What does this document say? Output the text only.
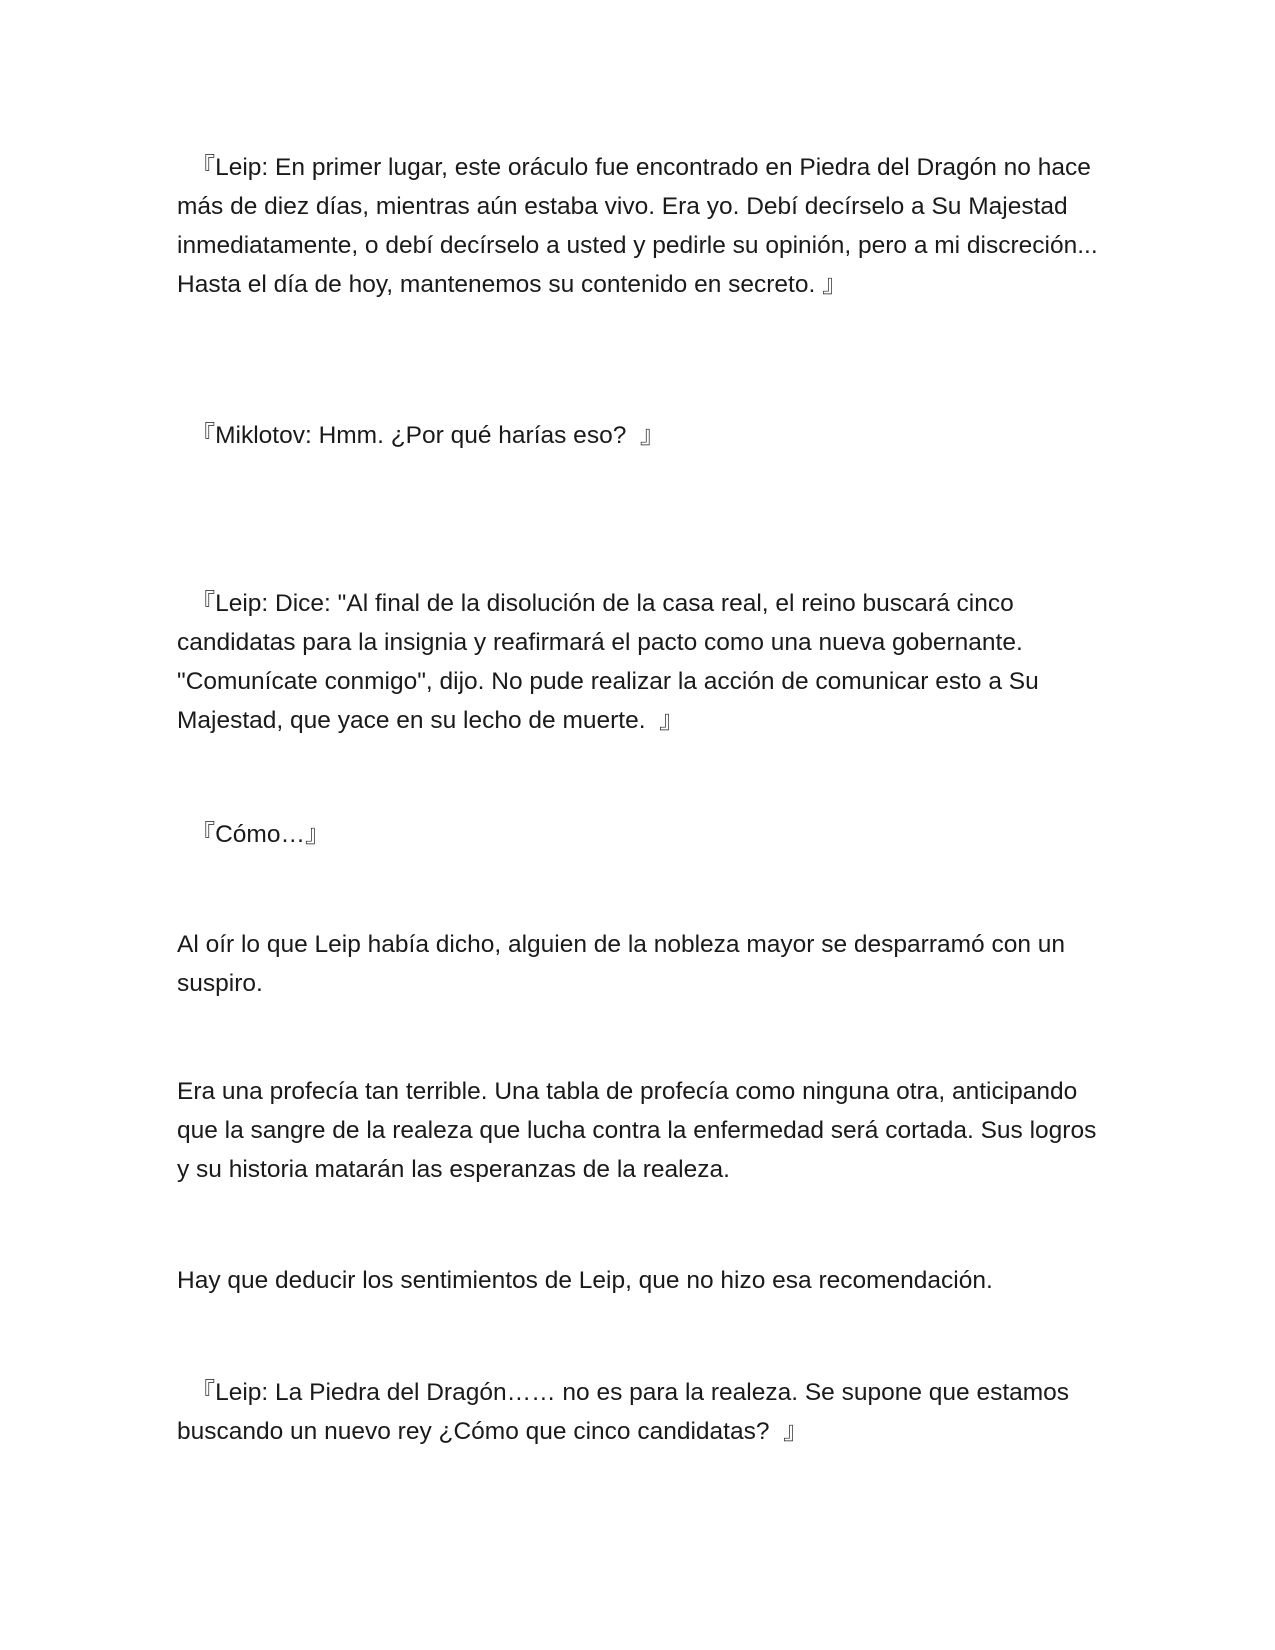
『Leip: En primer lugar, este oráculo fue encontrado en Piedra del Dragón no hace más de diez días, mientras aún estaba vivo. Era yo. Debí decírselo a Su Majestad inmediatamente, o debí decírselo a usted y pedirle su opinión, pero a mi discreción... Hasta el día de hoy, mantenemos su contenido en secreto. 』

『Miklotov: Hmm. ¿Por qué harías eso?  』

『Leip: Dice: "Al final de la disolución de la casa real, el reino buscará cinco candidatas para la insignia y reafirmará el pacto como una nueva gobernante. "Comunícate conmigo", dijo. No pude realizar la acción de comunicar esto a Su Majestad, que yace en su lecho de muerte.  』

『Cómo…』

Al oír lo que Leip había dicho, alguien de la nobleza mayor se desparramó con un suspiro.

Era una profecía tan terrible. Una tabla de profecía como ninguna otra, anticipando que la sangre de la realeza que lucha contra la enfermedad será cortada. Sus logros y su historia matarán las esperanzas de la realeza.

Hay que deducir los sentimientos de Leip, que no hizo esa recomendación.

『Leip: La Piedra del Dragón…… no es para la realeza. Se supone que estamos buscando un nuevo rey ¿Cómo que cinco candidatas?  』
